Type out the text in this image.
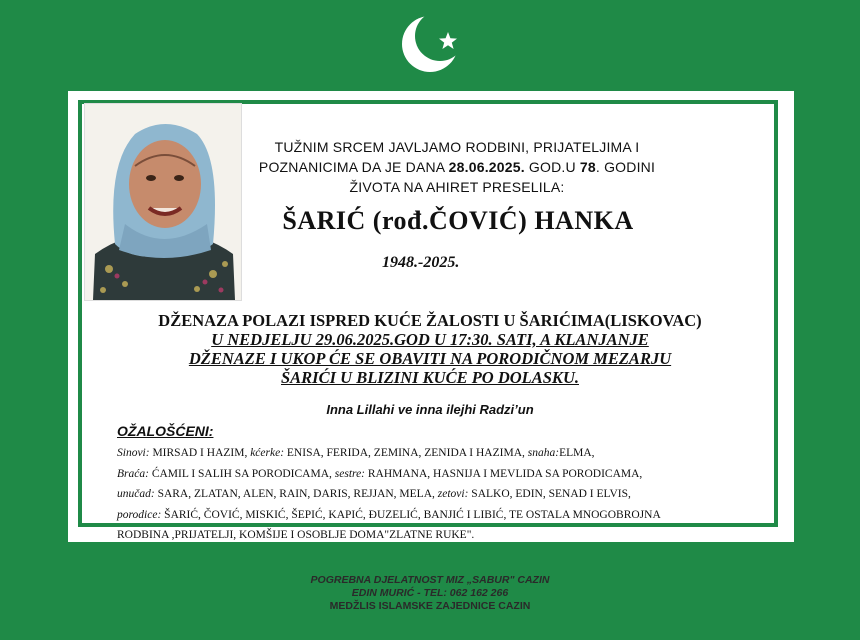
TUŽNIM SRCEM JAVLJAMO RODBINI, PRIJATELJIMA I
POZNANICIMA DA JE DANA 28.06.2025. GOD.U 78. GODINI
ŽIVOTA NA AHIRET PRESELILA:
ŠARIĆ (rođ.ČOVIĆ) HANKA
1948.-2025.
DŽENAZA POLAZI ISPRED KUĆE ŽALOSTI U ŠARIĆIMA(LISKOVAC)
U NEDJELJU 29.06.2025.GOD U 17:30. SATI, A KLANJANJE
DŽENAZE I UKOP ĆE SE OBAVITI NA PORODIČNOM MEZARJU
ŠARIĆI U BLIZINI KUĆE PO DOLASKU.
Inna Lillahi ve inna ilejhi Radzi’un
OŽALOŠĆENI:
Sinovi: MIRSAD I HAZIM, kćerke: ENISA, FERIDA, ZEMINA, ZENIDA I HAZIMA, snaha:ELMA,
Braća: ĆAMIL I SALIH SA PORODICAMA, sestre: RAHMANA, HASNIJA I MEVLIDA SA PORODICAMA,
unučad: SARA, ZLATAN, ALEN, RAIN, DARIS, REJJAN, MELA, zetovi: SALKO, EDIN, SENAD I ELVIS,
porodice: ŠARIĆ, ČOVIĆ, MISKIĆ, ŠEPIĆ, KAPIĆ, ĐUZELIĆ, BANJIĆ I LIBIĆ, TE OSTALA MNOGOBROJNA
RODBINA ,PRIJATELJI, KOMŠIJE I OSOBLJE DOMA"ZLATNE RUKE".
POGREBNA DJELATNOST MIZ „SABUR" CAZIN
EDIN MURIĆ - TEL: 062 162 266
MEDŽLIS ISLAMSKE ZAJEDNICE CAZIN
